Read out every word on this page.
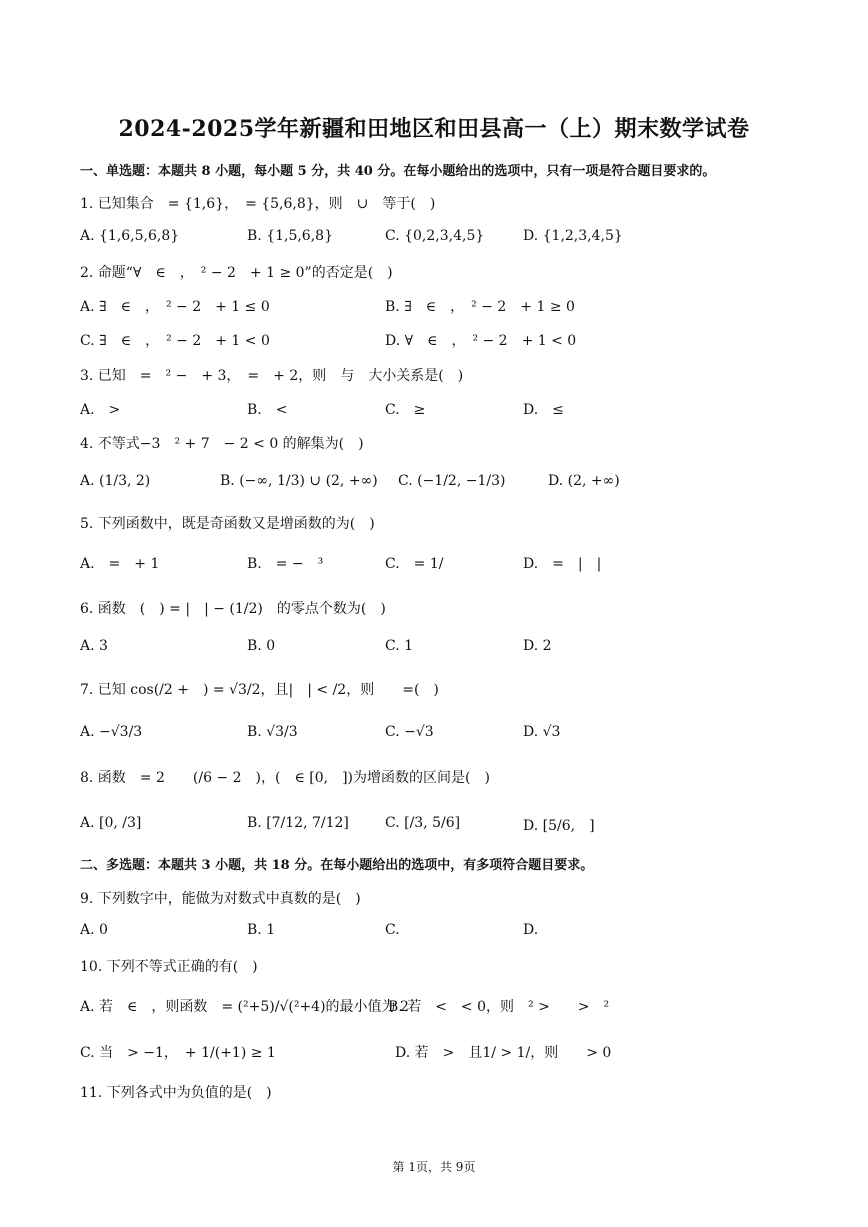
2024-2025学年新疆和田地区和田县高一（上）期末数学试卷
一、单选题：本题共 8 小题，每小题 5 分，共 40 分。在每小题给出的选项中，只有一项是符合题目要求的。
1. 已知集合　= {1,6}，　= {5,6,8}，则　∪　等于(　)
A. {1,6,5,6,8}	B. {1,5,6,8}	C. {0,2,3,4,5}	D. {1,2,3,4,5}
2. 命题“∀　∈　，　² − 2　+ 1 ≥ 0”的否定是(　)
A. ∃　∈　，　² − 2　+ 1 ≤ 0	B. ∃　∈　，　² − 2　+ 1 ≥ 0
C. ∃　∈　，　² − 2　+ 1 < 0	D. ∀　∈　，　² − 2　+ 1 < 0
3. 已知　=　² −　+ 3，　=　+ 2，则　与　大小关系是(　)
A.　>	B.　<	C.　≥	D.　≤
4. 不等式−3　² + 7　− 2 < 0 的解集为(　)
A. (1/3, 2)	B. (−∞, 1/3) ∪ (2, +∞) C. (−1/2, −1/3)	D. (2, +∞)
5. 下列函数中，既是奇函数又是增函数的为(　)
A.　=　+ 1	B.　= −　³	C.　= 1/	D.　=　|　|
6. 函数　(　) = |　| − (1/2)　的零点个数为(　)
A. 3	B. 0	C. 1	D. 2
7. 已知 cos(/2 +　) = √3/2，且|　| < /2，则　　=(　)
A. −√3/3	B. √3/3	C. −√3	D. √3
8. 函数　= 2　　(/6 − 2　)，(　∈ [0,　])为增函数的区间是(　)
A. [0, /3]	B. [7/12, 7/12]	C. [/3, 5/6]	D. [5/6,　]
二、多选题：本题共 3 小题，共 18 分。在每小题给出的选项中，有多项符合题目要求。
9. 下列数字中，能做为对数式中真数的是(　)
A. 0	B. 1	C.	D.
10. 下列不等式正确的有(　)
A. 若　∈　，则函数　= (²+5)/√(²+4)的最小值为 2
B. 若　<　< 0，则　² >　　>　²
C. 当　> −1，　+ 1/(+1) ≥ 1	D. 若　>　且1/ > 1/，则　　> 0
11. 下列各式中为负值的是(　)
第 1页，共 9页
